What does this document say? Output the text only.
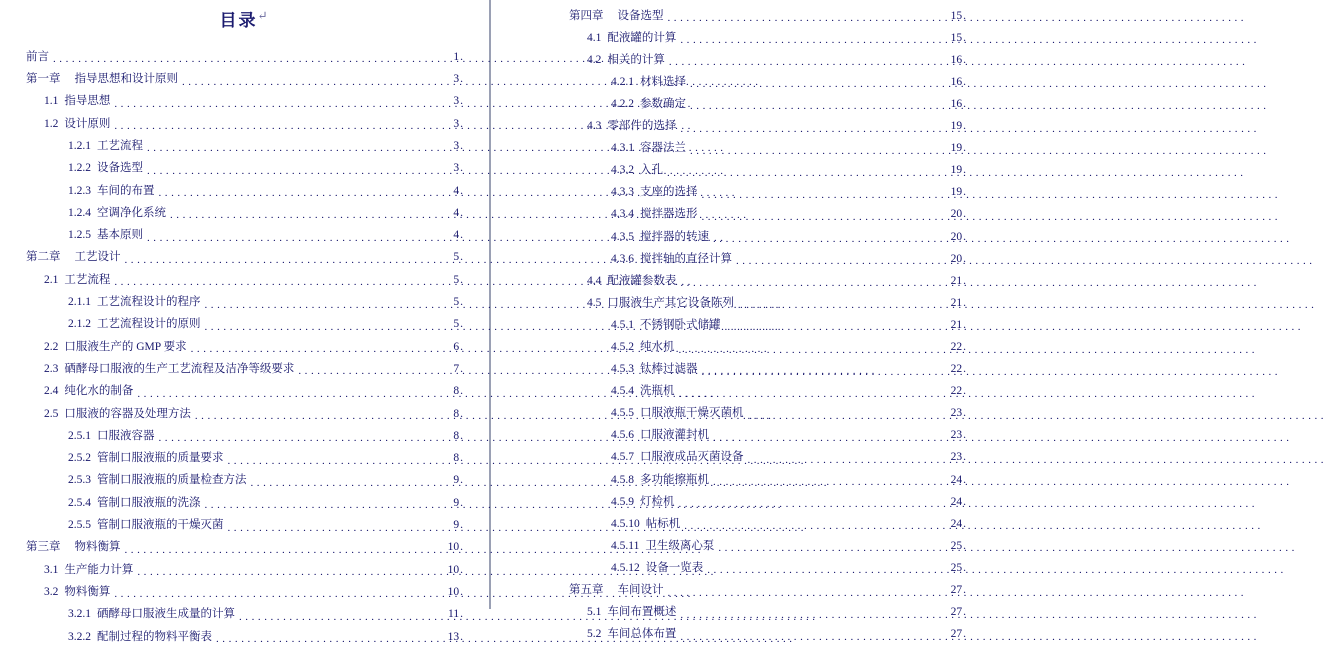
目录↵
前言 . . .	1 .
第一章	指导思想和设计原则 . . .	3 .
1.1 指导思想 . . .	3 .
1.2 设计原则 . . .	3 .
1.2.1 工艺流程 . . .	3 .
1.2.2 设备选型 . . .	3 .
1.2.3 车间的布置 . . .	4 .
1.2.4 空调净化系统 . . .	4 .
1.2.5 基本原则 . . .	4 .
第二章	工艺设计 . . .	5 .
2.1 工艺流程 . . .	5 .
2.1.1 工艺流程设计的程序 . . .	5 .
2.1.2 工艺流程设计的原则 . . .	5 .
2.2 口服液生产的 GMP 要求 . . .	6 .
2.3 硒酵母口服液的生产工艺流程及洁净等级要求 . . .	7 .
2.4 纯化水的制备 . . .	8 .
2.5 口服液的容器及处理方法 . . .	8 .
2.5.1 口服液容器 . . .	8 .
2.5.2 管制口服液瓶的质量要求 . . .	8 .
2.5.3 管制口服液瓶的质量检查方法 . . .	9 .
2.5.4 管制口服液瓶的洗涤 . . .	9 .
2.5.5 管制口服液瓶的干燥灭菌 . . .	9 .
第三章	物料衡算 . . .	10 .
3.1 生产能力计算 . . .	10 .
3.2 物料衡算 . . .	10 .
3.2.1 硒酵母口服液生成量的计算 . . .	11 .
3.2.2 配制过程的物料平衡表 . . .	13 .
第四章	设备选型 . . .	15 .
4.1 配液罐的计算 . . .	15 .
4.2 相关的计算 . . .	16 .
4.2.1 材料选择 . . .	16 .
4.2.2 参数确定 . . .	16 .
4.3 零部件的选择 . . .	19 .
4.3.1 容器法兰 . . .	19 .
4.3.2 入孔 . . .	19 .
4.3.3 支座的选择 . . .	19 .
4.3.4 搅拌器选形 . . .	20 .
4.3.5 搅拌器的转速 . . .	20 .
4.3.6 搅拌轴的直径计算 . . .	20 .
4.4 配液罐参数表 . . .	21 .
4.5 口服液生产其它设备陈列 . . .	21 .
4.5.1 不锈钢卧式储罐 . . .	21 .
4.5.2 纯水机 . . .	22 .
4.5.3 钛棒过滤器 . . .	22 .
4.5.4 洗瓶机 . . .	22 .
4.5.5 口服液瓶干燥灭菌机 . . .	23 .
4.5.6 口服液灌封机 . . .	23 .
4.5.7 口服液成品灭菌设备 . . .	23 .
4.5.8 多功能擦瓶机 . . .	24 .
4.5.9 灯检机 . . .	24 .
4.5.10 帖标机 . . .	24 .
4.5.11 卫生级离心泵 . . .	25 .
4.5.12 设备一览表 . . .	25 .
第五章	车间设计 . . .	27 .
5.1 车间布置概述 . . .	27 .
5.2 车间总体布置 . . .	27 .
